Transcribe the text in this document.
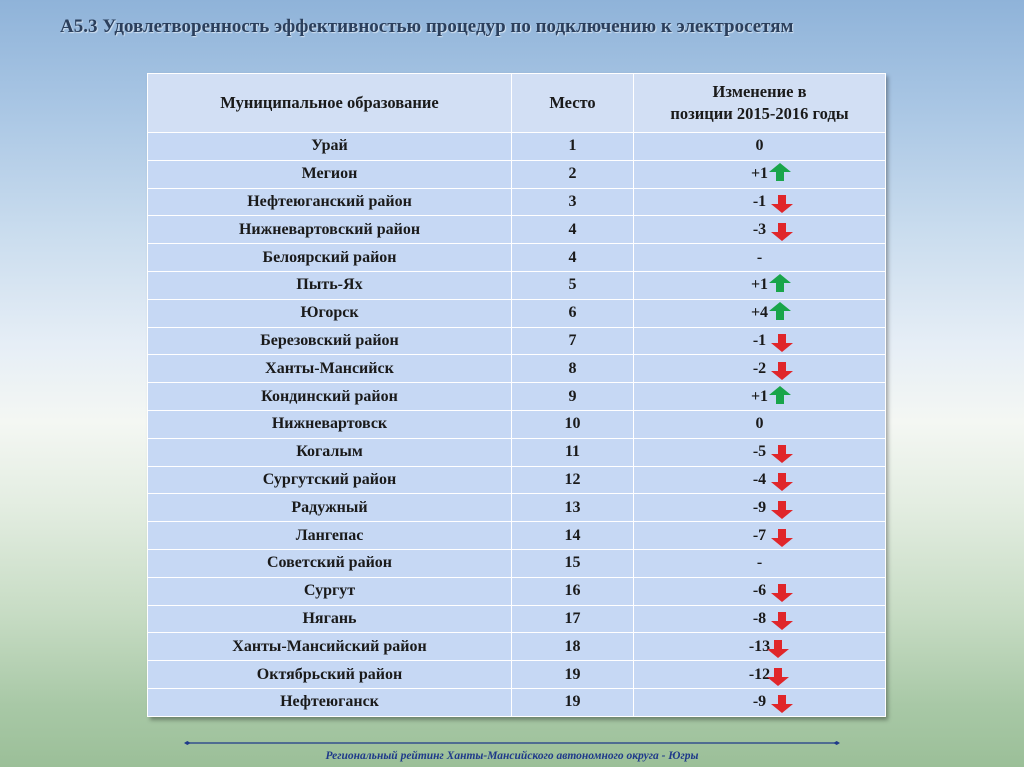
А5.3 Удовлетворенность эффективностью процедур по подключению к электросетям
Муниципальное образование	Место	Изменение в
позиции 2015-2016 годы
Урай	1	0
Мегион	2	+1

Нефтеюганский район	3	-1

Нижневартовский район	4	-3

Белоярский район	4	-
Пыть-Ях	5	+1

Югорск	6	+4

Березовский район	7	-1

Ханты-Мансийск	8	-2

Кондинский район	9	+1

Нижневартовск	10	0
Когалым	11	-5

Сургутский район	12	-4

Радужный	13	-9

Лангепас	14	-7

Советский район	15	-
Сургут	16	-6

Нягань	17	-8

Ханты-Мансийский район	18	-13

Октябрьский район	19	-12

Нефтеюганск	19	-9
Региональный рейтинг Ханты-Мансийского автономного округа - Югры
